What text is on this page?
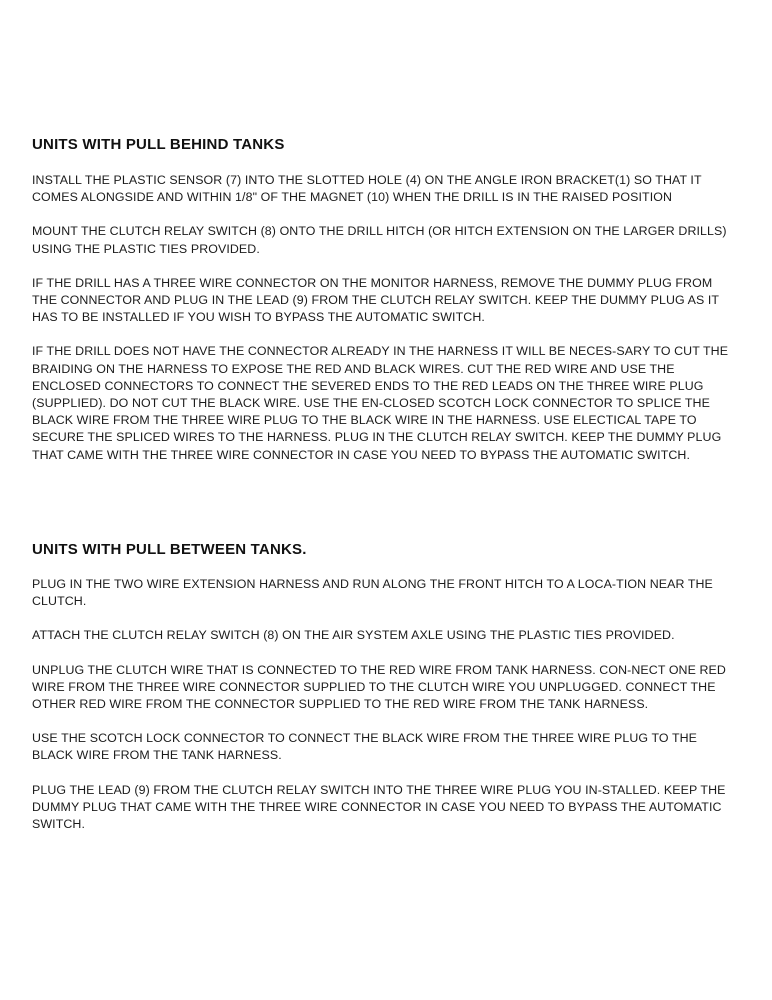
UNITS WITH PULL BEHIND TANKS

INSTALL THE PLASTIC SENSOR (7) INTO THE SLOTTED HOLE (4) ON THE ANGLE IRON BRACKET(1) SO THAT IT COMES ALONGSIDE AND WITHIN 1/8" OF THE MAGNET (10) WHEN THE DRILL IS IN THE RAISED POSITION

MOUNT THE CLUTCH RELAY SWITCH (8) ONTO THE DRILL HITCH (OR HITCH EXTENSION ON THE LARGER DRILLS) USING THE PLASTIC TIES PROVIDED.

IF THE DRILL HAS A THREE WIRE CONNECTOR ON THE MONITOR HARNESS, REMOVE THE DUMMY PLUG FROM THE CONNECTOR AND PLUG IN THE LEAD (9) FROM THE CLUTCH RELAY SWITCH. KEEP THE DUMMY PLUG AS IT HAS TO BE INSTALLED IF YOU WISH TO BYPASS THE AUTOMATIC SWITCH.

IF THE DRILL DOES NOT HAVE THE CONNECTOR ALREADY IN THE HARNESS IT WILL BE NECES-SARY TO CUT THE BRAIDING ON THE HARNESS TO EXPOSE THE RED AND BLACK WIRES. CUT THE RED WIRE AND USE THE ENCLOSED CONNECTORS TO CONNECT THE SEVERED ENDS TO THE RED LEADS ON THE THREE WIRE PLUG (SUPPLIED). DO NOT CUT THE BLACK WIRE. USE THE EN-CLOSED SCOTCH LOCK CONNECTOR TO SPLICE THE BLACK WIRE FROM THE THREE WIRE PLUG TO THE BLACK WIRE IN THE HARNESS. USE ELECTICAL TAPE TO SECURE THE SPLICED WIRES TO THE HARNESS. PLUG IN THE CLUTCH RELAY SWITCH. KEEP THE DUMMY PLUG THAT CAME WITH THE THREE WIRE CONNECTOR IN CASE YOU NEED TO BYPASS THE AUTOMATIC SWITCH.

UNITS WITH PULL BETWEEN TANKS.

PLUG IN THE TWO WIRE EXTENSION HARNESS AND RUN ALONG THE FRONT HITCH TO A LOCA-TION NEAR THE CLUTCH.

ATTACH THE CLUTCH RELAY SWITCH (8) ON THE AIR SYSTEM AXLE USING THE PLASTIC TIES PROVIDED.

UNPLUG THE CLUTCH WIRE THAT IS CONNECTED TO THE RED WIRE FROM TANK HARNESS. CON-NECT ONE RED WIRE FROM THE THREE WIRE CONNECTOR SUPPLIED TO THE CLUTCH WIRE YOU UNPLUGGED. CONNECT THE OTHER RED WIRE FROM THE CONNECTOR SUPPLIED TO THE RED WIRE FROM THE TANK HARNESS.

USE THE SCOTCH LOCK CONNECTOR TO CONNECT THE BLACK WIRE FROM THE THREE WIRE PLUG TO THE BLACK WIRE FROM THE TANK HARNESS.

PLUG THE LEAD (9) FROM THE CLUTCH RELAY SWITCH INTO THE THREE WIRE PLUG YOU IN-STALLED. KEEP THE DUMMY PLUG THAT CAME WITH THE THREE WIRE CONNECTOR IN CASE YOU NEED TO BYPASS THE AUTOMATIC SWITCH.
